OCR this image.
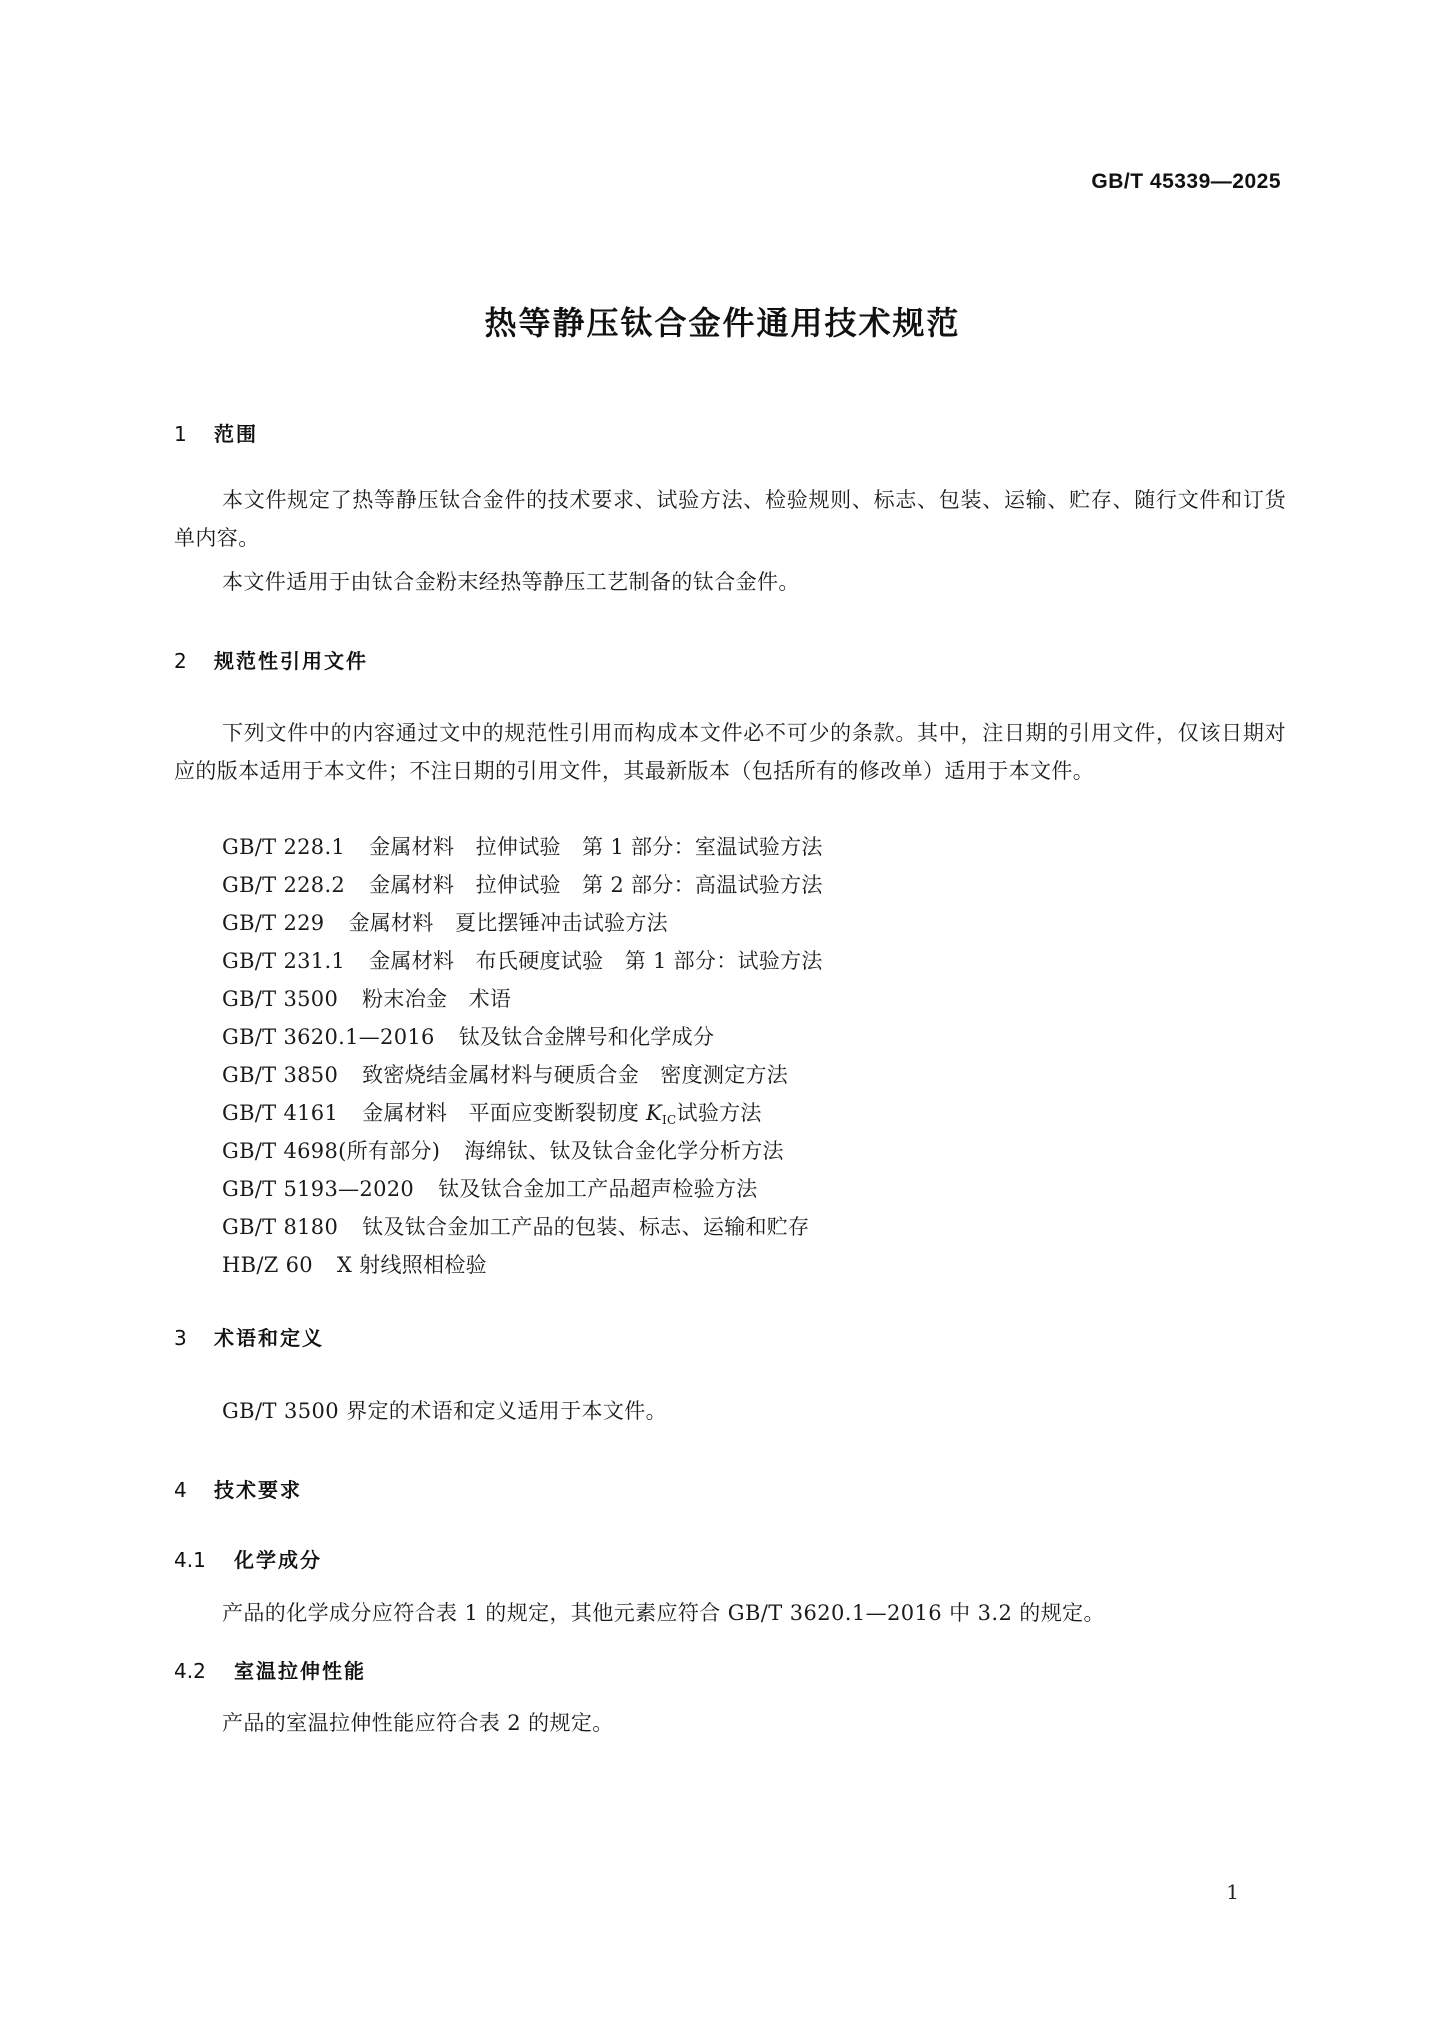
GB/T 45339—2025
热等静压钛合金件通用技术规范
1	范围

本文件规定了热等静压钛合金件的技术要求、试验方法、检验规则、标志、包装、运输、贮存、随行文件和订货单内容。

本文件适用于由钛合金粉末经热等静压工艺制备的钛合金件。

2	规范性引用文件

下列文件中的内容通过文中的规范性引用而构成本文件必不可少的条款。其中，注日期的引用文件，仅该日期对应的版本适用于本文件；不注日期的引用文件，其最新版本（包括所有的修改单）适用于本文件。

GB/T 228.1 金属材料　拉伸试验　第 1 部分：室温试验方法
GB/T 228.2 金属材料　拉伸试验　第 2 部分：高温试验方法
GB/T 229 金属材料　夏比摆锤冲击试验方法
GB/T 231.1 金属材料　布氏硬度试验　第 1 部分：试验方法
GB/T 3500 粉末冶金　术语
GB/T 3620.1—2016 钛及钛合金牌号和化学成分
GB/T 3850 致密烧结金属材料与硬质合金　密度测定方法
GB/T 4161 金属材料　平面应变断裂韧度 $K_{IC}$试验方法
GB/T 4698(所有部分) 海绵钛、钛及钛合金化学分析方法
GB/T 5193—2020 钛及钛合金加工产品超声检验方法
GB/T 8180 钛及钛合金加工产品的包装、标志、运输和贮存
HB/Z 60 X 射线照相检验
3	术语和定义

GB/T 3500 界定的术语和定义适用于本文件。

4	技术要求
4.1	化学成分

产品的化学成分应符合表 1 的规定，其他元素应符合 GB/T 3620.1—2016 中 3.2 的规定。

4.2	室温拉伸性能

产品的室温拉伸性能应符合表 2 的规定。

1
